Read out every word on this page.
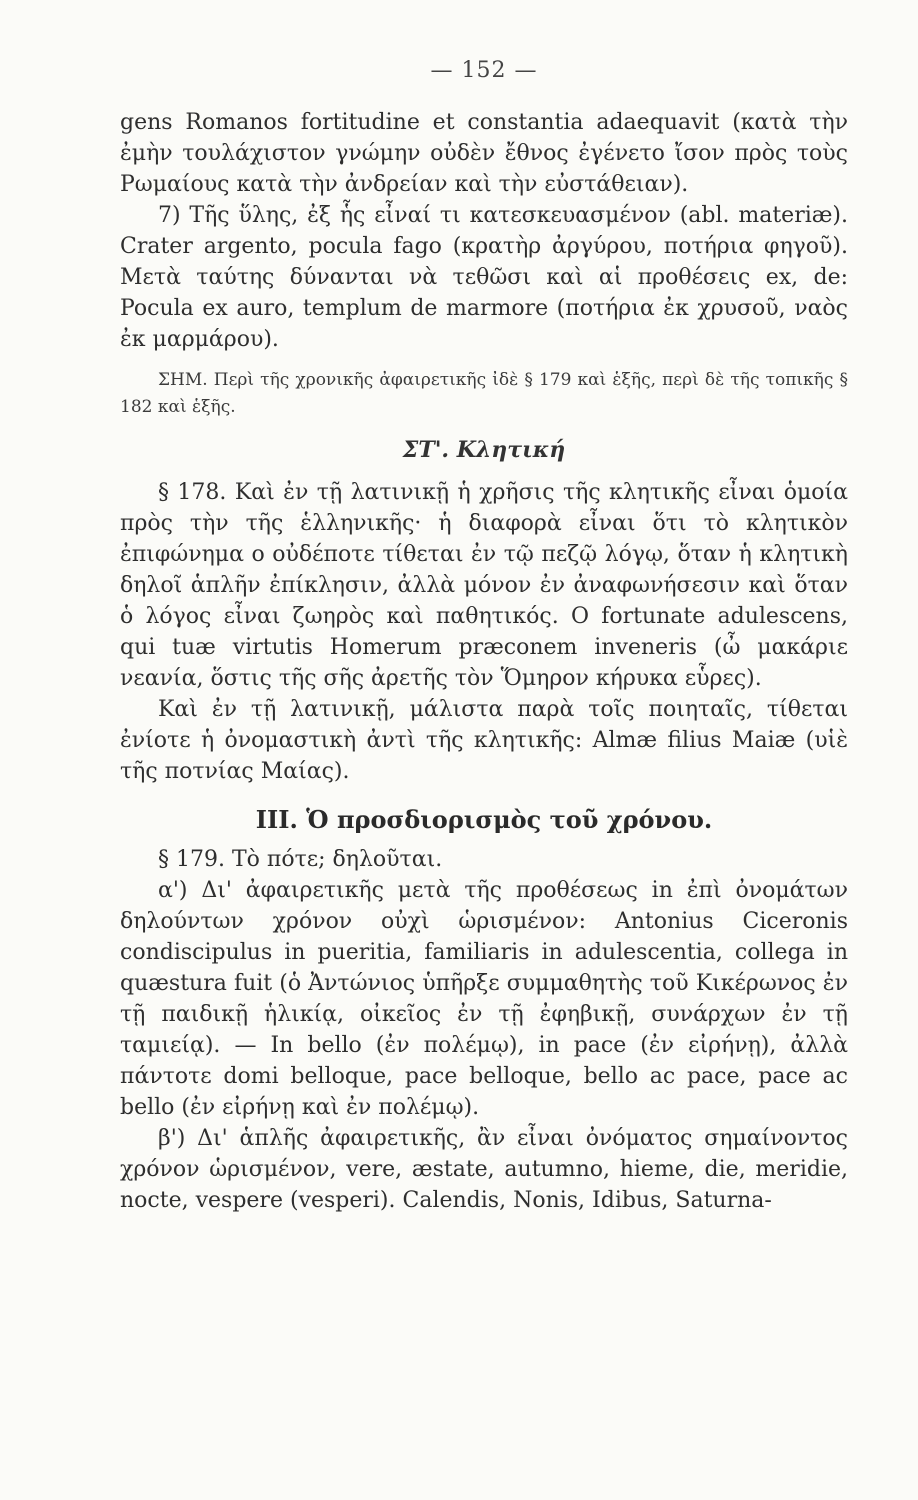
— 152 —

gens Romanos fortitudine et constantia adaequavit (κατὰ τὴν ἐμὴν τουλάχιστον γνώμην οὐδὲν ἔθνος ἐγένετο ἴσον πρὸς τοὺς Ρωμαίους κατὰ τὴν ἀνδρείαν καὶ τὴν εὐστάθειαν).

7) Τῆς ὕλης, ἐξ ἧς εἶναί τι κατεσκευασμένον (abl. materiæ). Crater argento, pocula fago (κρατὴρ ἀργύρου, ποτήρια φηγοῦ). Μετὰ ταύτης δύνανται νὰ τεθῶσι καὶ αἱ προθέσεις ex, de: Pocula ex auro, templum de marmore (ποτήρια ἐκ χρυσοῦ, ναὸς ἐκ μαρμάρου).

ΣΗΜ. Περὶ τῆς χρονικῆς ἀφαιρετικῆς ἰδὲ § 179 καὶ ἑξῆς, περὶ δὲ τῆς τοπικῆς § 182 καὶ ἑξῆς.

ΣΤ'. Κλητική

§ 178. Καὶ ἐν τῇ λατινικῇ ἡ χρῆσις τῆς κλητικῆς εἶναι ὁμοία πρὸς τὴν τῆς ἑλληνικῆς· ἡ διαφορὰ εἶναι ὅτι τὸ κλητικὸν ἐπιφώνημα ο οὐδέποτε τίθεται ἐν τῷ πεζῷ λόγῳ, ὅταν ἡ κλητικὴ δηλοῖ ἁπλῆν ἐπίκλησιν, ἀλλὰ μόνον ἐν ἀναφωνήσεσιν καὶ ὅταν ὁ λόγος εἶναι ζωηρὸς καὶ παθητικός. O fortunate adulescens, qui tuæ virtutis Homerum præconem inveneris (ὦ μακάριε νεανία, ὅστις τῆς σῆς ἀρετῆς τὸν Ὅμηρον κήρυκα εὗρες).

Καὶ ἐν τῇ λατινικῇ, μάλιστα παρὰ τοῖς ποιηταῖς, τίθεται ἐνίοτε ἡ ὀνομαστικὴ ἀντὶ τῆς κλητικῆς: Almæ filius Maiæ (υἱὲ τῆς ποτνίας Μαίας).

III. Ὁ προσδιορισμὸς τοῦ χρόνου.

§ 179. Τὸ πότε; δηλοῦται.

α') Δι' ἀφαιρετικῆς μετὰ τῆς προθέσεως in ἐπὶ ὀνομάτων δηλούντων χρόνον οὐχὶ ὡρισμένον: Antonius Ciceronis condiscipulus in pueritia, familiaris in adulescentia, collega in quæstura fuit (ὁ Ἀντώνιος ὑπῆρξε συμμαθητὴς τοῦ Κικέρωνος ἐν τῇ παιδικῇ ἡλικίᾳ, οἰκεῖος ἐν τῇ ἐφηβικῇ, συνάρχων ἐν τῇ ταμιείᾳ). — In bello (ἐν πολέμῳ), in pace (ἐν εἰρήνῃ), ἀλλὰ πάντοτε domi belloque, pace belloque, bello ac pace, pace ac bello (ἐν εἰρήνῃ καὶ ἐν πολέμῳ).

β') Δι' ἁπλῆς ἀφαιρετικῆς, ἂν εἶναι ὀνόματος σημαίνοντος χρόνον ὡρισμένον, vere, æstate, autumno, hieme, die, meridie, nocte, vespere (vesperi). Calendis, Nonis, Idibus, Saturna-
